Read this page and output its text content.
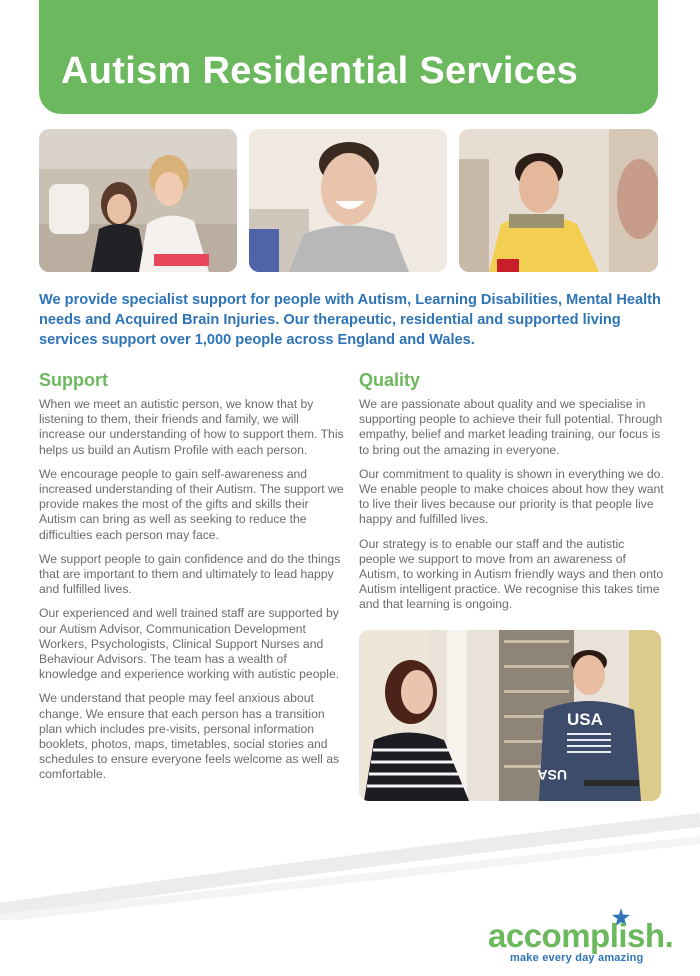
Autism Residential Services

We provide specialist support for people with Autism, Learning Disabilities, Mental Health needs and Acquired Brain Injuries. Our therapeutic, residential and supported living services support over 1,000 people across England and Wales.

Support

When we meet an autistic person, we know that by listening to them, their friends and family, we will increase our understanding of how to support them. This helps us build an Autism Profile with each person.

We encourage people to gain self-awareness and increased understanding of their Autism. The support we provide makes the most of the gifts and skills their Autism can bring as well as seeking to reduce the difficulties each person may face.

We support people to gain confidence and do the things that are important to them and ultimately to lead happy and fulfilled lives.

Our experienced and well trained staff are supported by our Autism Advisor, Communication Development Workers, Psychologists, Clinical Support Nurses and Behaviour Advisors. The team has a wealth of knowledge and experience working with autistic people.

We understand that people may feel anxious about change. We ensure that each person has a transition plan which includes pre-visits, personal information booklets, photos, maps, timetables, social stories and schedules to ensure everyone feels welcome as well as comfortable.

Quality

We are passionate about quality and we specialise in supporting people to achieve their full potential. Through empathy, belief and market leading training, our focus is to bring out the amazing in everyone.

Our commitment to quality is shown in everything we do. We enable people to make choices about how they want to live their lives because our priority is that people live happy and fulfilled lives.

Our strategy is to enable our staff and the autistic people we support to move from an awareness of Autism, to working in Autism friendly ways and then onto Autism intelligent practice. We recognise this takes time and that learning is ongoing.

USA
USA

accomplish.

make every day amazing
